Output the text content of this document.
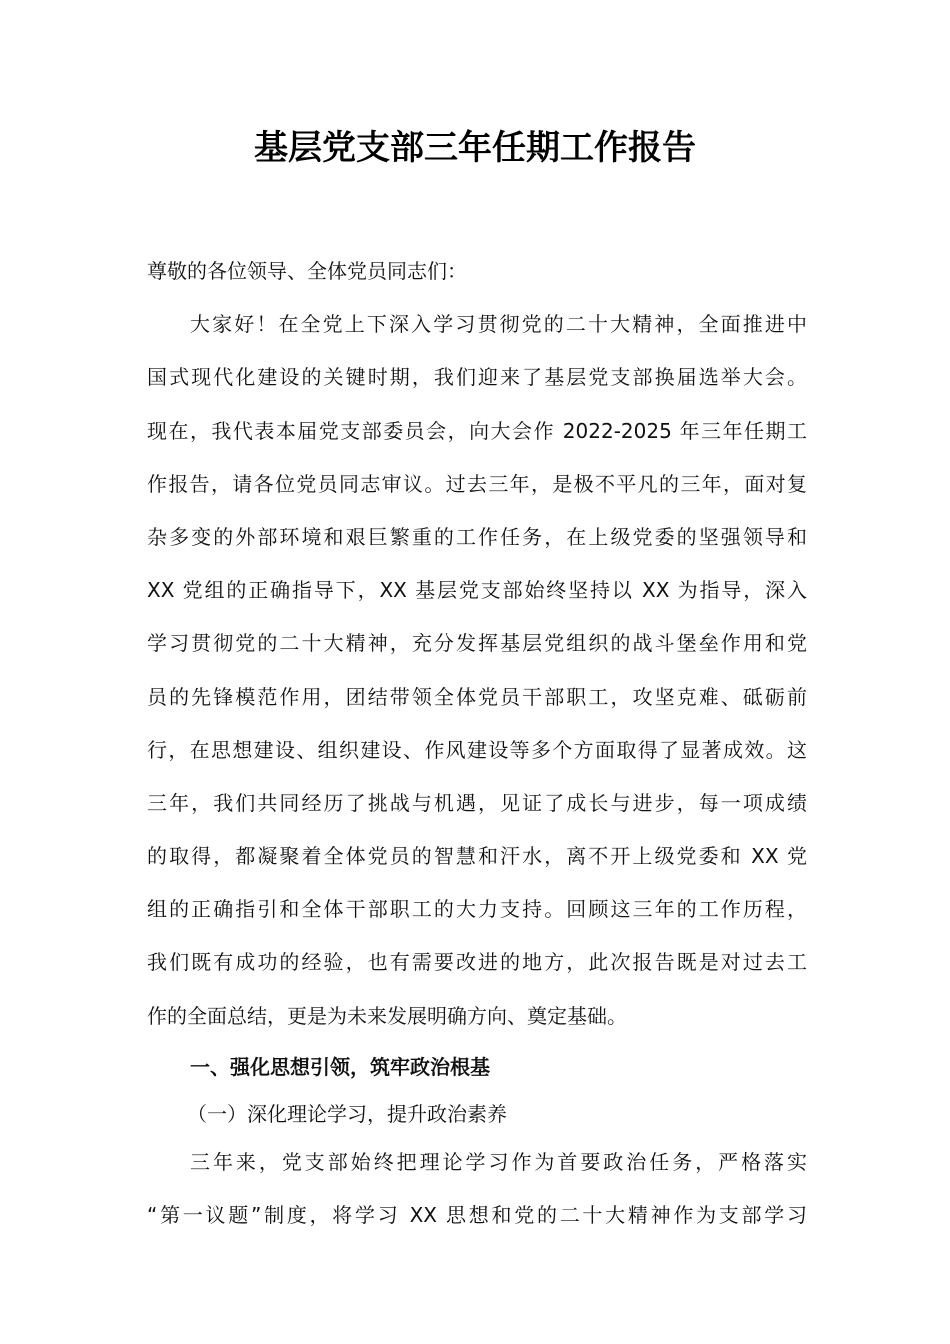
基层党支部三年任期工作报告
尊敬的各位领导、全体党员同志们：
大家好！在全党上下深入学习贯彻党的二十大精神，全面推进中
国式现代化建设的关键时期，我们迎来了基层党支部换届选举大会。
现在，我代表本届党支部委员会，向大会作 2022-2025 年三年任期工
作报告，请各位党员同志审议。过去三年，是极不平凡的三年，面对复
杂多变的外部环境和艰巨繁重的工作任务，在上级党委的坚强领导和
XX 党组的正确指导下，XX 基层党支部始终坚持以 XX 为指导，深入
学习贯彻党的二十大精神，充分发挥基层党组织的战斗堡垒作用和党
员的先锋模范作用，团结带领全体党员干部职工，攻坚克难、砥砺前
行，在思想建设、组织建设、作风建设等多个方面取得了显著成效。这
三年，我们共同经历了挑战与机遇，见证了成长与进步，每一项成绩
的取得，都凝聚着全体党员的智慧和汗水，离不开上级党委和 XX 党
组的正确指引和全体干部职工的大力支持。回顾这三年的工作历程，
我们既有成功的经验，也有需要改进的地方，此次报告既是对过去工
作的全面总结，更是为未来发展明确方向、奠定基础。
一、强化思想引领，筑牢政治根基
（一）深化理论学习，提升政治素养
三年来，党支部始终把理论学习作为首要政治任务，严格落实
“第一议题”制度，将学习 XX 思想和党的二十大精神作为支部学习
